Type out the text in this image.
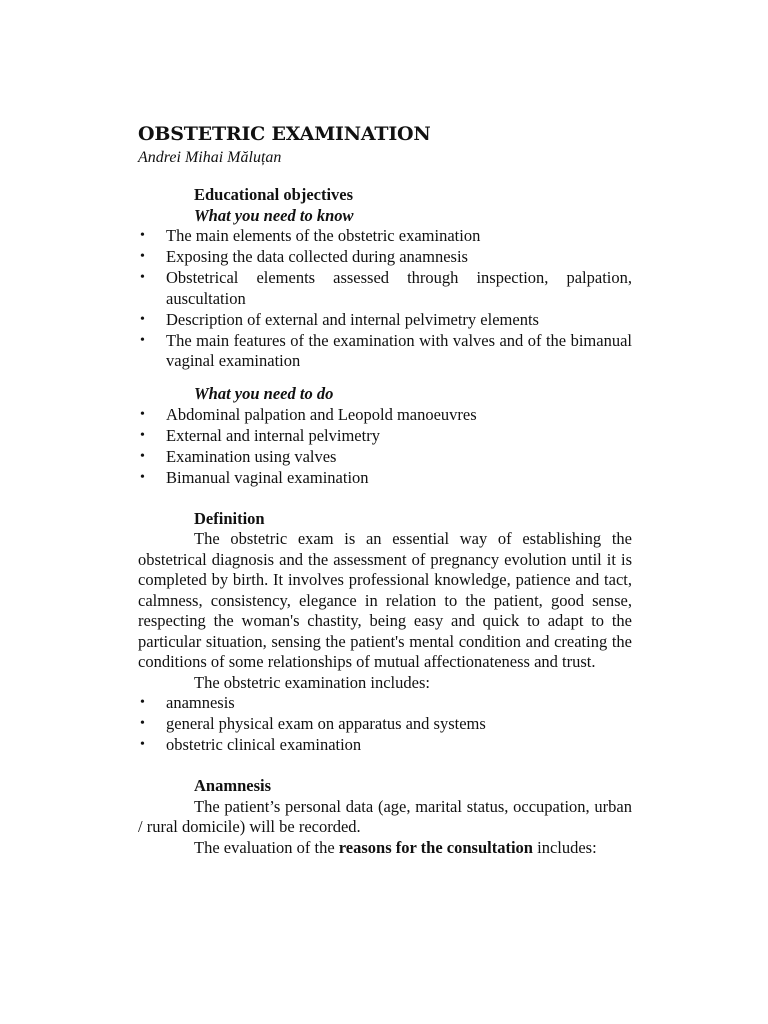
OBSTETRIC EXAMINATION
Andrei Mihai Măluțan
Educational objectives
What you need to know
• The main elements of the obstetric examination
• Exposing the data collected during anamnesis
• Obstetrical elements assessed through inspection, palpation, auscultation
• Description of external and internal pelvimetry elements
• The main features of the examination with valves and of the bimanual vaginal examination
What you need to do
• Abdominal palpation and Leopold manoeuvres
• External and internal pelvimetry
• Examination using valves
• Bimanual vaginal examination
Definition

The obstetric exam is an essential way of establishing the obstetrical diagnosis and the assessment of pregnancy evolution until it is completed by birth. It involves professional knowledge, patience and tact, calmness, consistency, elegance in relation to the patient, good sense, respecting the woman's chastity, being easy and quick to adapt to the particular situation, sensing the patient's mental condition and creating the conditions of some relationships of mutual affectionateness and trust.

The obstetric examination includes:

• anamnesis
• general physical exam on apparatus and systems
• obstetric clinical examination
Anamnesis

The patient’s personal data (age, marital status, occupation, urban / rural domicile) will be recorded.

The evaluation of the reasons for the consultation includes:
